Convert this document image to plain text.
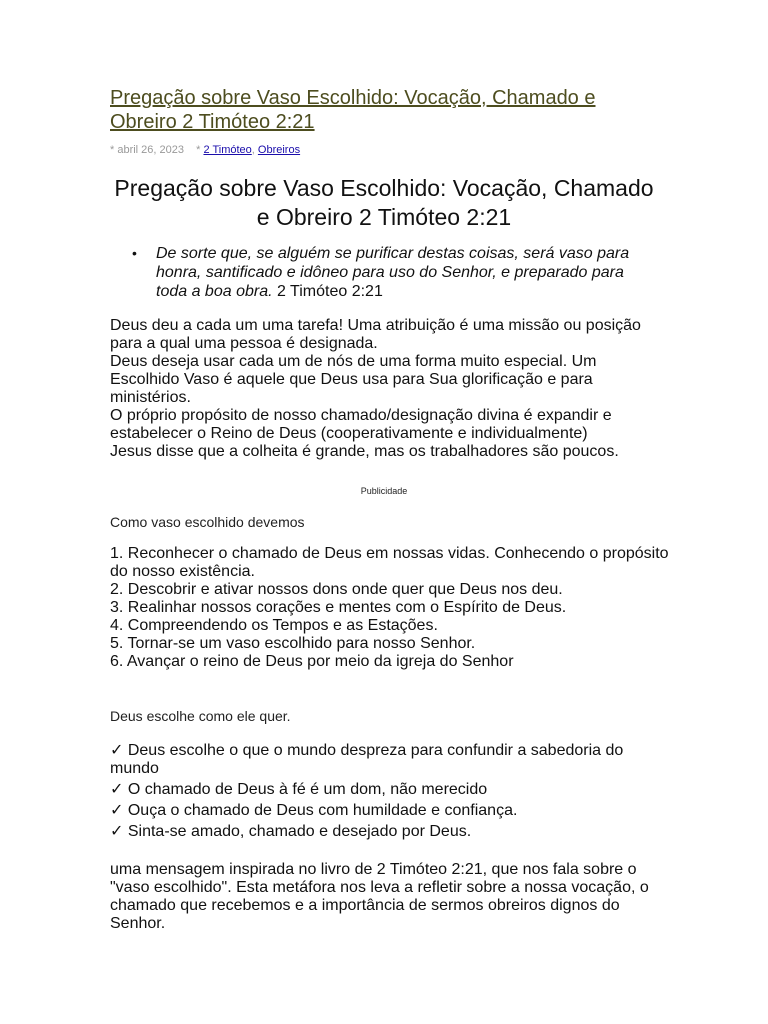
Pregação sobre Vaso Escolhido: Vocação, Chamado e Obreiro 2 Timóteo 2:21
* abril 26, 2023 * 2 Timóteo, Obreiros
Pregação sobre Vaso Escolhido: Vocação, Chamado e Obreiro 2 Timóteo 2:21
• De sorte que, se alguém se purificar destas coisas, será vaso para honra, santificado e idôneo para uso do Senhor, e preparado para toda a boa obra. 2 Timóteo 2:21
Deus deu a cada um uma tarefa! Uma atribuição é uma missão ou posição para a qual uma pessoa é designada.
Deus deseja usar cada um de nós de uma forma muito especial. Um Escolhido Vaso é aquele que Deus usa para Sua glorificação e para ministérios.
O próprio propósito de nosso chamado/designação divina é expandir e estabelecer o Reino de Deus (cooperativamente e individualmente)
Jesus disse que a colheita é grande, mas os trabalhadores são poucos.
Publicidade
Como vaso escolhido devemos
1. Reconhecer o chamado de Deus em nossas vidas. Conhecendo o propósito do nosso existência.
2. Descobrir e ativar nossos dons onde quer que Deus nos deu.
3. Realinhar nossos corações e mentes com o Espírito de Deus.
4. Compreendendo os Tempos e as Estações.
5. Tornar-se um vaso escolhido para nosso Senhor.
6. Avançar o reino de Deus por meio da igreja do Senhor
Deus escolhe como ele quer.
✓ Deus escolhe o que o mundo despreza para confundir a sabedoria do mundo
✓ O chamado de Deus à fé é um dom, não merecido
✓ Ouça o chamado de Deus com humildade e confiança.
✓ Sinta-se amado, chamado e desejado por Deus.

uma mensagem inspirada no livro de 2 Timóteo 2:21, que nos fala sobre o "vaso escolhido". Esta metáfora nos leva a refletir sobre a nossa vocação, o chamado que recebemos e a importância de sermos obreiros dignos do Senhor.
